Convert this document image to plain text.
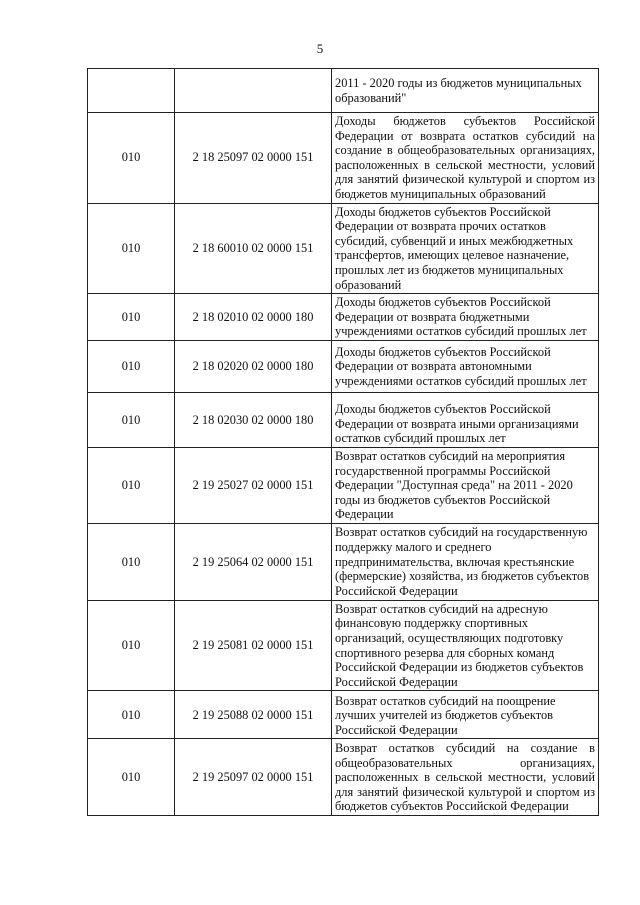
5
		2011 - 2020 годы из бюджетов муниципальных образований"
010	2 18 25097 02 0000 151	Доходы бюджетов субъектов Российской Федерации от возврата остатков субсидий на создание в общеобразовательных организациях, расположенных в сельской местности, условий для занятий физической культурой и спортом из бюджетов муниципальных образований
010	2 18 60010 02 0000 151	Доходы бюджетов субъектов Российской Федерации от возврата прочих остатков субсидий, субвенций и иных межбюджетных трансфертов, имеющих целевое назначение, прошлых лет из бюджетов муниципальных образований
010	2 18 02010 02 0000 180	Доходы бюджетов субъектов Российской Федерации от возврата бюджетными учреждениями остатков субсидий прошлых лет
010	2 18 02020 02 0000 180	Доходы бюджетов субъектов Российской Федерации от возврата автономными учреждениями остатков субсидий прошлых лет
010	2 18 02030 02 0000 180	Доходы бюджетов субъектов Российской Федерации от возврата иными организациями остатков субсидий прошлых лет
010	2 19 25027 02 0000 151	Возврат остатков субсидий на мероприятия государственной программы Российской Федерации "Доступная среда" на 2011 - 2020 годы из бюджетов субъектов Российской Федерации
010	2 19 25064 02 0000 151	Возврат остатков субсидий на государственную поддержку малого и среднего предпринимательства, включая крестьянские (фермерские) хозяйства, из бюджетов субъектов Российской Федерации
010	2 19 25081 02 0000 151	Возврат остатков субсидий на адресную финансовую поддержку спортивных организаций, осуществляющих подготовку спортивного резерва для сборных команд Российской Федерации из бюджетов субъектов Российской Федерации
010	2 19 25088 02 0000 151	Возврат остатков субсидий на поощрение лучших учителей из бюджетов субъектов Российской Федерации
010	2 19 25097 02 0000 151	Возврат остатков субсидий на создание в общеобразовательных организациях, расположенных в сельской местности, условий для занятий физической культурой и спортом из бюджетов субъектов Российской Федерации
